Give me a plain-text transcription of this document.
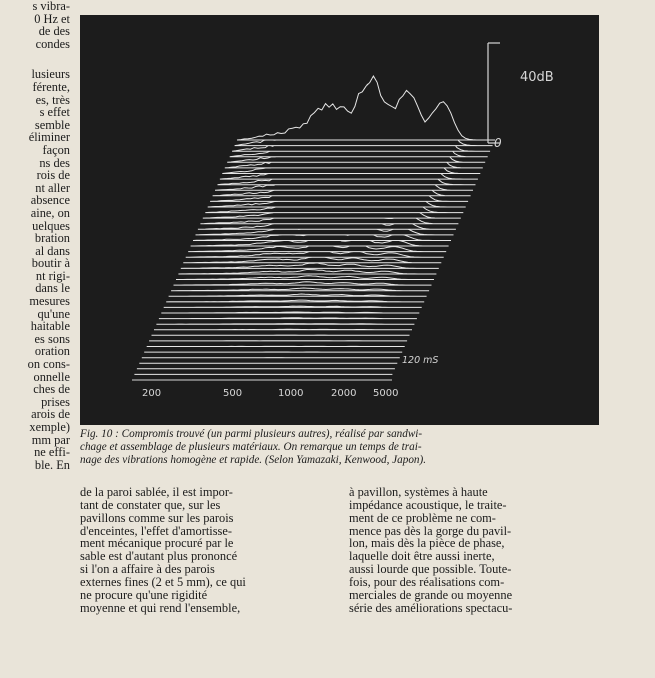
s vibra-
0 Hz et
de des
condes
lusieurs
férente,
es, très
s effet
semble
éliminer
façon
ns des
rois de
nt aller
absence
aine, on
uelques
bration
al dans
boutir à
nt rigi-
dans le
mesures
qu'une
haitable
es sons
oration
on cons-
onnelle
ches de
prises
arois de
xemple)
mm par
ne effi-
ble. En
40dB
0
120 mS
200	500	1000	2000 5000
Fig. 10 : Compromis trouvé (un parmi plusieurs autres), réalisé par sandwi-
chage et assemblage de plusieurs matériaux. On remarque un temps de trai-
nage des vibrations homogène et rapide. (Selon Yamazaki, Kenwood, Japon).
de la paroi sablée, il est impor-
tant de constater que, sur les
pavillons comme sur les parois
d'enceintes, l'effet d'amortisse-
ment mécanique procuré par le
sable est d'autant plus prononcé
si l'on a affaire à des parois
externes fines (2 et 5 mm), ce qui
ne procure qu'une rigidité
moyenne et qui rend l'ensemble,
à pavillon, systèmes à haute
impédance acoustique, le traite-
ment de ce problème ne com-
mence pas dès la gorge du pavil-
lon, mais dès la pièce de phase,
laquelle doit être aussi inerte,
aussi lourde que possible. Toute-
fois, pour des réalisations com-
merciales de grande ou moyenne
série des améliorations spectacu-
